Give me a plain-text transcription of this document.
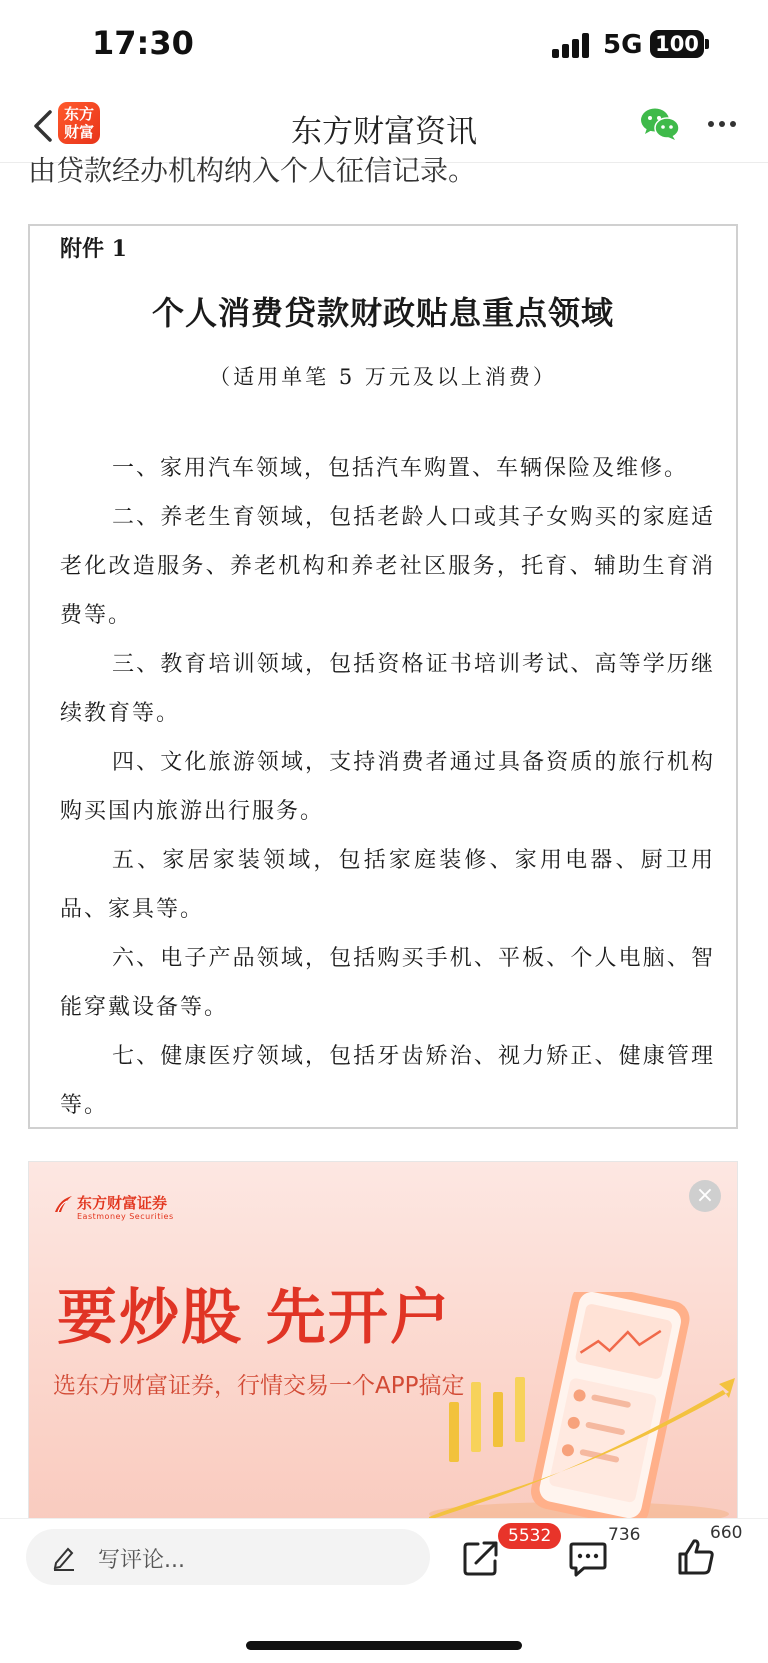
17:30	5G 100
东方
财富	东方财富资讯
由贷款经办机构纳入个人征信记录。
附件 1
个人消费贷款财政贴息重点领域
（适用单笔 5 万元及以上消费）

一、家用汽车领域，包括汽车购置、车辆保险及维修。

二、养老生育领域，包括老龄人口或其子女购买的家庭适老化改造服务、养老机构和养老社区服务，托育、辅助生育消费等。

三、教育培训领域，包括资格证书培训考试、高等学历继续教育等。

四、文化旅游领域，支持消费者通过具备资质的旅行机构购买国内旅游出行服务。

五、家居家装领域，包括家庭装修、家用电器、厨卫用品、家具等。

六、电子产品领域，包括购买手机、平板、个人电脑、智能穿戴设备等。

七、健康医疗领域，包括牙齿矫治、视力矫正、健康管理等。

东方财富证券
Eastmoney Securities
×
要炒股 先开户
选东方财富证券，行情交易一个APP搞定
写评论...
5532	736	660
